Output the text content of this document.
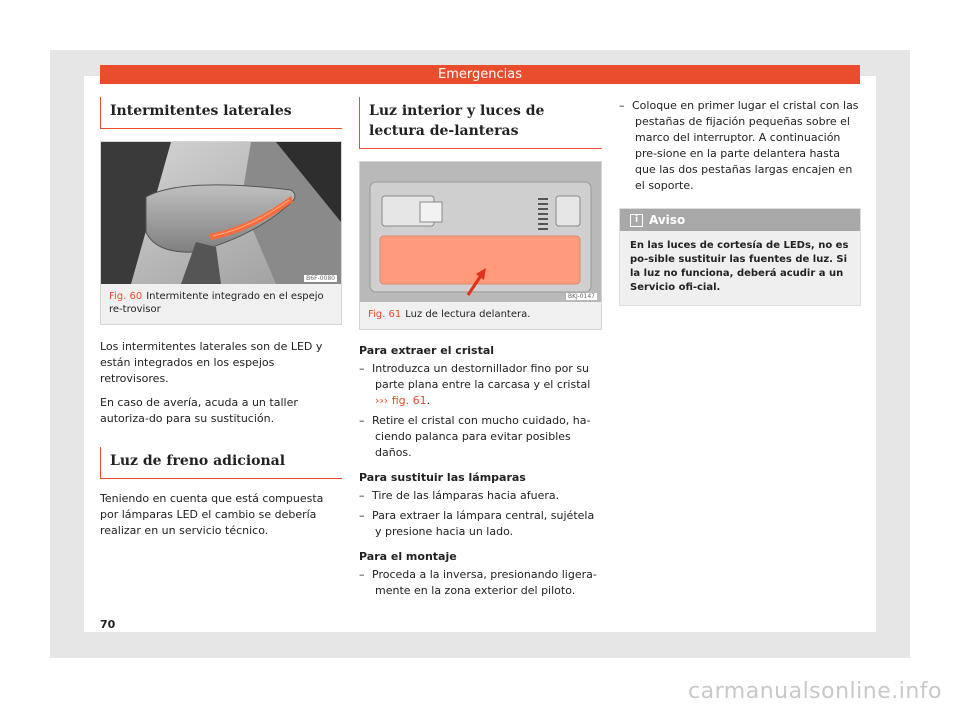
Emergencias
Intermitentes laterales
B6F-0080
Fig. 60 Intermitente integrado en el espejo re-trovisor

Los intermitentes laterales son de LED y están integrados en los espejos retrovisores.

En caso de avería, acuda a un taller autoriza-do para su sustitución.

Luz de freno adicional

Teniendo en cuenta que está compuesta por lámparas LED el cambio se debería realizar en un servicio técnico.

Luz interior y luces de lectura de-lanteras
BKJ-0147
Fig. 61 Luz de lectura delantera.
Para extraer el cristal
– Introduzca un destornillador fino por su parte plana entre la carcasa y el cristal
››› fig. 61.
– Retire el cristal con mucho cuidado, ha-ciendo palanca para evitar posibles daños.
Para sustituir las lámparas
– Tire de las lámparas hacia afuera.
– Para extraer la lámpara central, sujétela y presione hacia un lado.
Para el montaje
– Proceda a la inversa, presionando ligera-mente en la zona exterior del piloto.
– Coloque en primer lugar el cristal con las pestañas de fijación pequeñas sobre el marco del interruptor. A continuación pre-sione en la parte delantera hasta que las dos pestañas largas encajen en el soporte.
i Aviso
En las luces de cortesía de LEDs, no es po-sible sustituir las fuentes de luz. Si la luz no funciona, deberá acudir a un Servicio ofi-cial.
70
carmanualsonline.info
